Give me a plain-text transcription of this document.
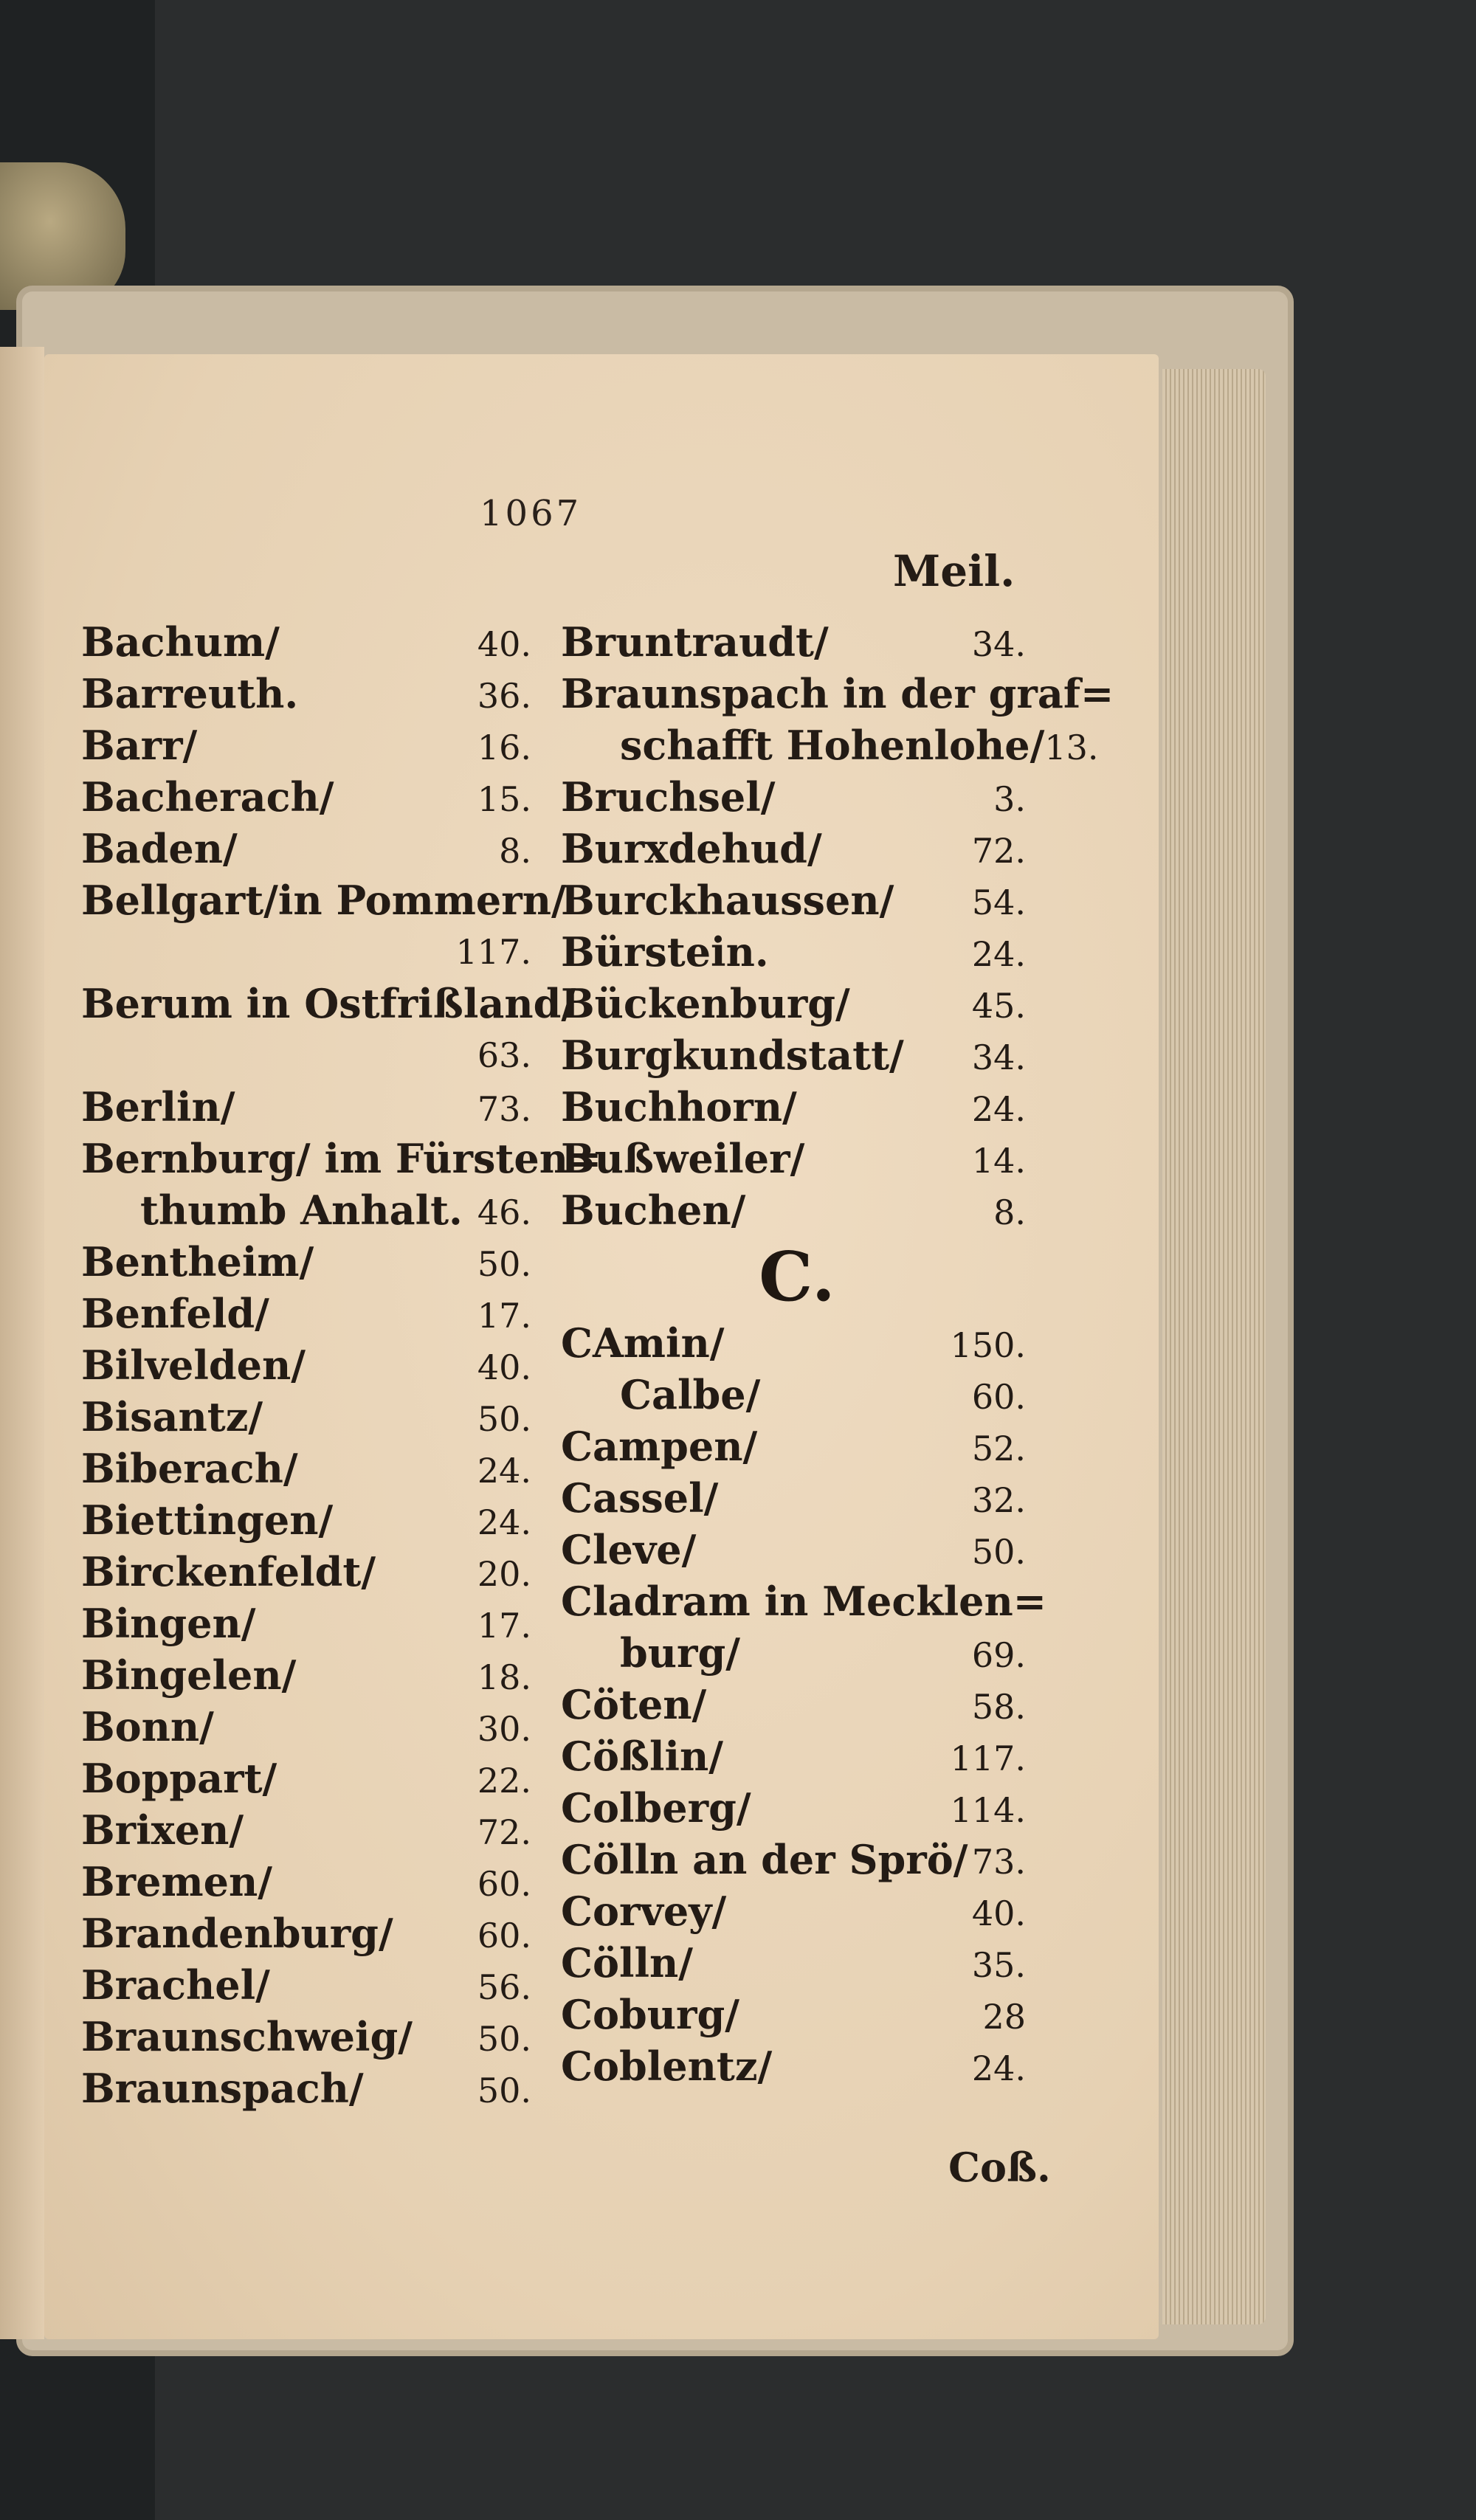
1067
Meil.
Bachum/	40.
Barreuth.	36.
Barr/	16.
Bacherach/	15.
Baden/	8.
Bellgart/in Pommern/
117.
Berum in Ostfrißland/
63.
Berlin/	73.
Bernburg/ im Fürsten=
thumb Anhalt. 46.
Bentheim/	50.
Benfeld/	17.
Bilvelden/	40.
Bisantz/	50.
Biberach/	24.
Biettingen/	24.
Birckenfeldt/	20.
Bingen/	17.
Bingelen/	18.
Bonn/	30.
Boppart/	22.
Brixen/	72.
Bremen/	60.
Brandenburg/ 60.
Brachel/	56.
Braunschweig/ 50.
Braunspach/	50.
Bruntraudt/	34.
Braunspach in der graf=
schafft Hohenlohe/ 13.
Bruchsel/	3.
Burxdehud/	72.
Burckhaussen/ 54.
Bürstein.	24.
Bückenburg/	45.
Burgkundstatt/ 34.
Buchhorn/	24.
Bußweiler/	14.
Buchen/	8.
C.
CAmin/	150.
Calbe/	60.
Campen/	52.
Cassel/	32.
Cleve/	50.
Cladram in Mecklen=
burg/	69.
Cöten/	58.
Cößlin/	117.
Colberg/	114.
Cölln an der Sprö/ 73.
Corvey/	40.
Cölln/	35.
Coburg/	28
Coblentz/	24.
Coß.
